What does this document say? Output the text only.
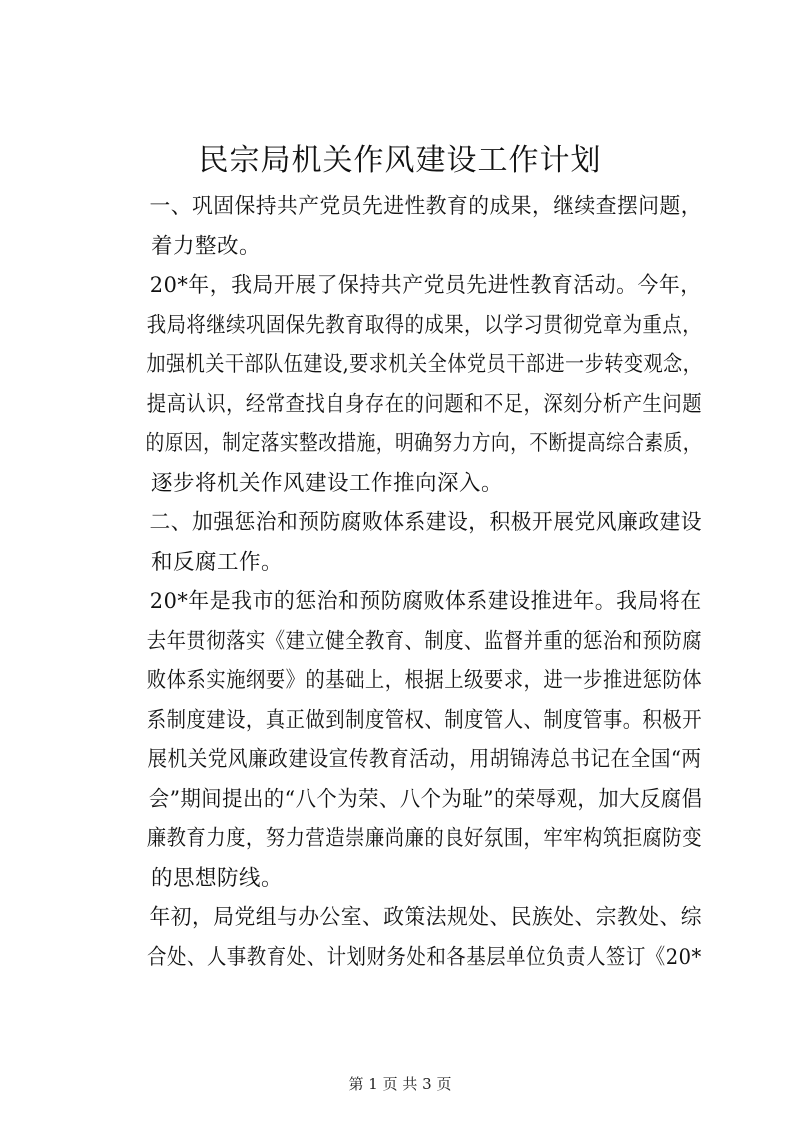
民宗局机关作风建设工作计划

一、巩固保持共产党员先进性教育的成果，继续查摆问题，
着力整改。

20*年，我局开展了保持共产党员先进性教育活动。今年，
我局将继续巩固保先教育取得的成果，以学习贯彻党章为重点，
加强机关干部队伍建设,要求机关全体党员干部进一步转变观念，
提高认识，经常查找自身存在的问题和不足，深刻分析产生问题
的原因，制定落实整改措施，明确努力方向，不断提高综合素质，
逐步将机关作风建设工作推向深入。

二、加强惩治和预防腐败体系建设，积极开展党风廉政建设
和反腐工作。

20*年是我市的惩治和预防腐败体系建设推进年。我局将在
去年贯彻落实《建立健全教育、制度、监督并重的惩治和预防腐
败体系实施纲要》的基础上，根据上级要求，进一步推进惩防体
系制度建设，真正做到制度管权、制度管人、制度管事。积极开
展机关党风廉政建设宣传教育活动，用胡锦涛总书记在全国“两
会”期间提出的“八个为荣、八个为耻”的荣辱观，加大反腐倡
廉教育力度，努力营造崇廉尚廉的良好氛围，牢牢构筑拒腐防变
的思想防线。

年初，局党组与办公室、政策法规处、民族处、宗教处、综
合处、人事教育处、计划财务处和各基层单位负责人签订《20*

第 1 页 共 3 页
